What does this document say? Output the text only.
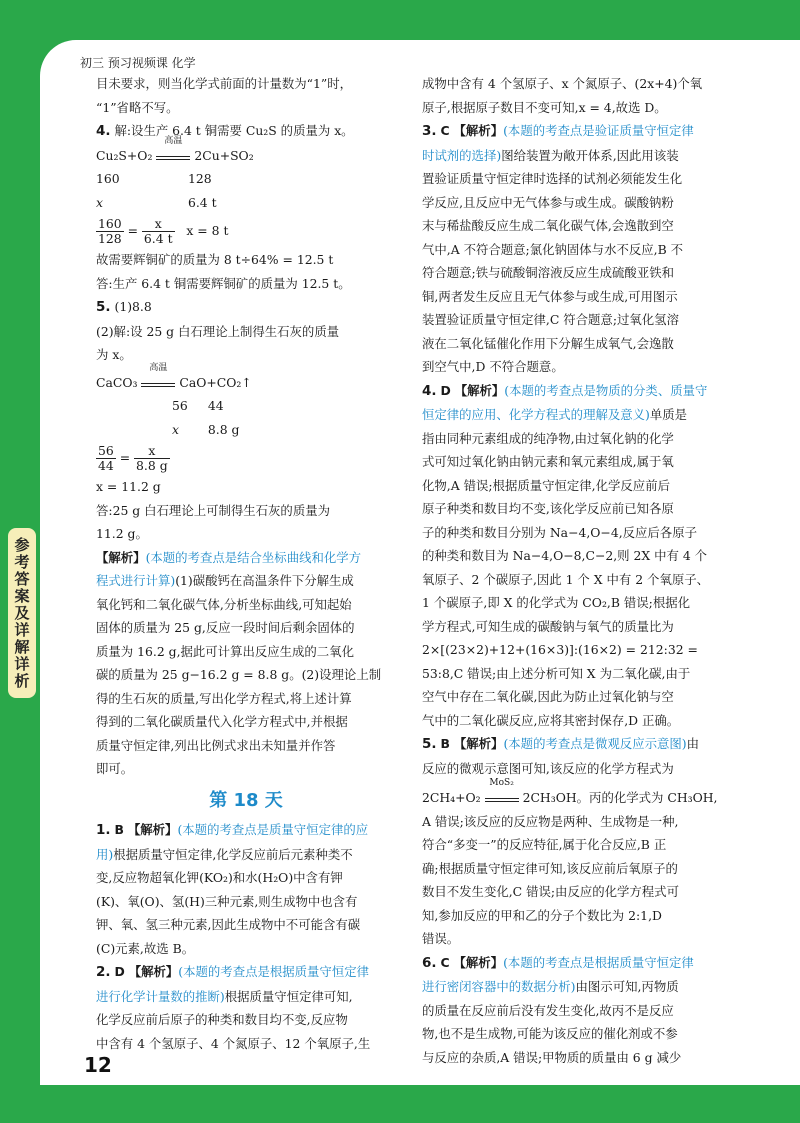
初三 预习视频课 化学
参考答案及详解详析
12
目未要求，则当化学式前面的计量数为“1”时，
“1”省略不写。
4. 解:设生产 6.4 t 铜需要 Cu₂S 的质量为 x。
Cu₂S+O₂
高温
2Cu+SO₂
160	128
x	6.4 t
$\frac{160}{128} = \frac{x}{6.4 t}$ x = 8 t
故需要辉铜矿的质量为 8 t÷64% = 12.5 t
答:生产 6.4 t 铜需要辉铜矿的质量为 12.5 t。
5. (1)8.8
(2)解:设 25 g 白石理论上制得生石灰的质量
为 x。
CaCO₃
高温
CaO+CO₂↑
56 44
x 8.8 g
$\frac{56}{44} = \frac{x}{8.8 g}$
x = 11.2 g
答:25 g 白石理论上可制得生石灰的质量为
11.2 g。
【解析】(本题的考查点是结合坐标曲线和化学方
程式进行计算)(1)碳酸钙在高温条件下分解生成
氧化钙和二氧化碳气体,分析坐标曲线,可知起始
固体的质量为 25 g,反应一段时间后剩余固体的
质量为 16.2 g,据此可计算出反应生成的二氧化
碳的质量为 25 g−16.2 g = 8.8 g。(2)设理论上制
得的生石灰的质量,写出化学方程式,将上述计算
得到的二氧化碳质量代入化学方程式中,并根据
质量守恒定律,列出比例式求出未知量并作答
即可。
第 18 天
1. B 【解析】(本题的考查点是质量守恒定律的应
用)根据质量守恒定律,化学反应前后元素种类不
变,反应物超氧化钾(KO₂)和水(H₂O)中含有钾
(K)、氧(O)、氢(H)三种元素,则生成物中也含有
钾、氧、氢三种元素,因此生成物中不可能含有碳
(C)元素,故选 B。
2. D 【解析】(本题的考查点是根据质量守恒定律
进行化学计量数的推断)根据质量守恒定律可知,
化学反应前后原子的种类和数目均不变,反应物
中含有 4 个氢原子、4 个氮原子、12 个氧原子,生
成物中含有 4 个氢原子、x 个氮原子、(2x+4)个氧
原子,根据原子数目不变可知,x = 4,故选 D。
3. C 【解析】(本题的考查点是验证质量守恒定律
时试剂的选择)图给装置为敞开体系,因此用该装
置验证质量守恒定律时选择的试剂必须能发生化
学反应,且反应中无气体参与或生成。碳酸钠粉
末与稀盐酸反应生成二氧化碳气体,会逸散到空
气中,A 不符合题意;氯化钠固体与水不反应,B 不
符合题意;铁与硫酸铜溶液反应生成硫酸亚铁和
铜,两者发生反应且无气体参与或生成,可用图示
装置验证质量守恒定律,C 符合题意;过氧化氢溶
液在二氧化锰催化作用下分解生成氧气,会逸散
到空气中,D 不符合题意。
4. D 【解析】(本题的考查点是物质的分类、质量守
恒定律的应用、化学方程式的理解及意义)单质是
指由同种元素组成的纯净物,由过氧化钠的化学
式可知过氧化钠由钠元素和氧元素组成,属于氧
化物,A 错误;根据质量守恒定律,化学反应前后
原子种类和数目均不变,该化学反应前已知各原
子的种类和数目分别为 Na−4,O−4,反应后各原子
的种类和数目为 Na−4,O−8,C−2,则 2X 中有 4 个
氧原子、2 个碳原子,因此 1 个 X 中有 2 个氧原子、
1 个碳原子,即 X 的化学式为 CO₂,B 错误;根据化
学方程式,可知生成的碳酸钠与氧气的质量比为
2×[(23×2)+12+(16×3)]:(16×2) = 212:32 =
53:8,C 错误;由上述分析可知 X 为二氧化碳,由于
空气中存在二氧化碳,因此为防止过氧化钠与空
气中的二氧化碳反应,应将其密封保存,D 正确。
5. B 【解析】(本题的考查点是微观反应示意图)由
反应的微观示意图可知,该反应的化学方程式为
2CH₄+O₂
MoS₂
2CH₃OH。丙的化学式为 CH₃OH,
A 错误;该反应的反应物是两种、生成物是一种,
符合“多变一”的反应特征,属于化合反应,B 正
确;根据质量守恒定律可知,该反应前后氧原子的
数目不发生变化,C 错误;由反应的化学方程式可
知,参加反应的甲和乙的分子个数比为 2:1,D
错误。
6. C 【解析】(本题的考查点是根据质量守恒定律
进行密闭容器中的数据分析)由图示可知,丙物质
的质量在反应前后没有发生变化,故丙不是反应
物,也不是生成物,可能为该反应的催化剂或不参
与反应的杂质,A 错误;甲物质的质量由 6 g 减少
